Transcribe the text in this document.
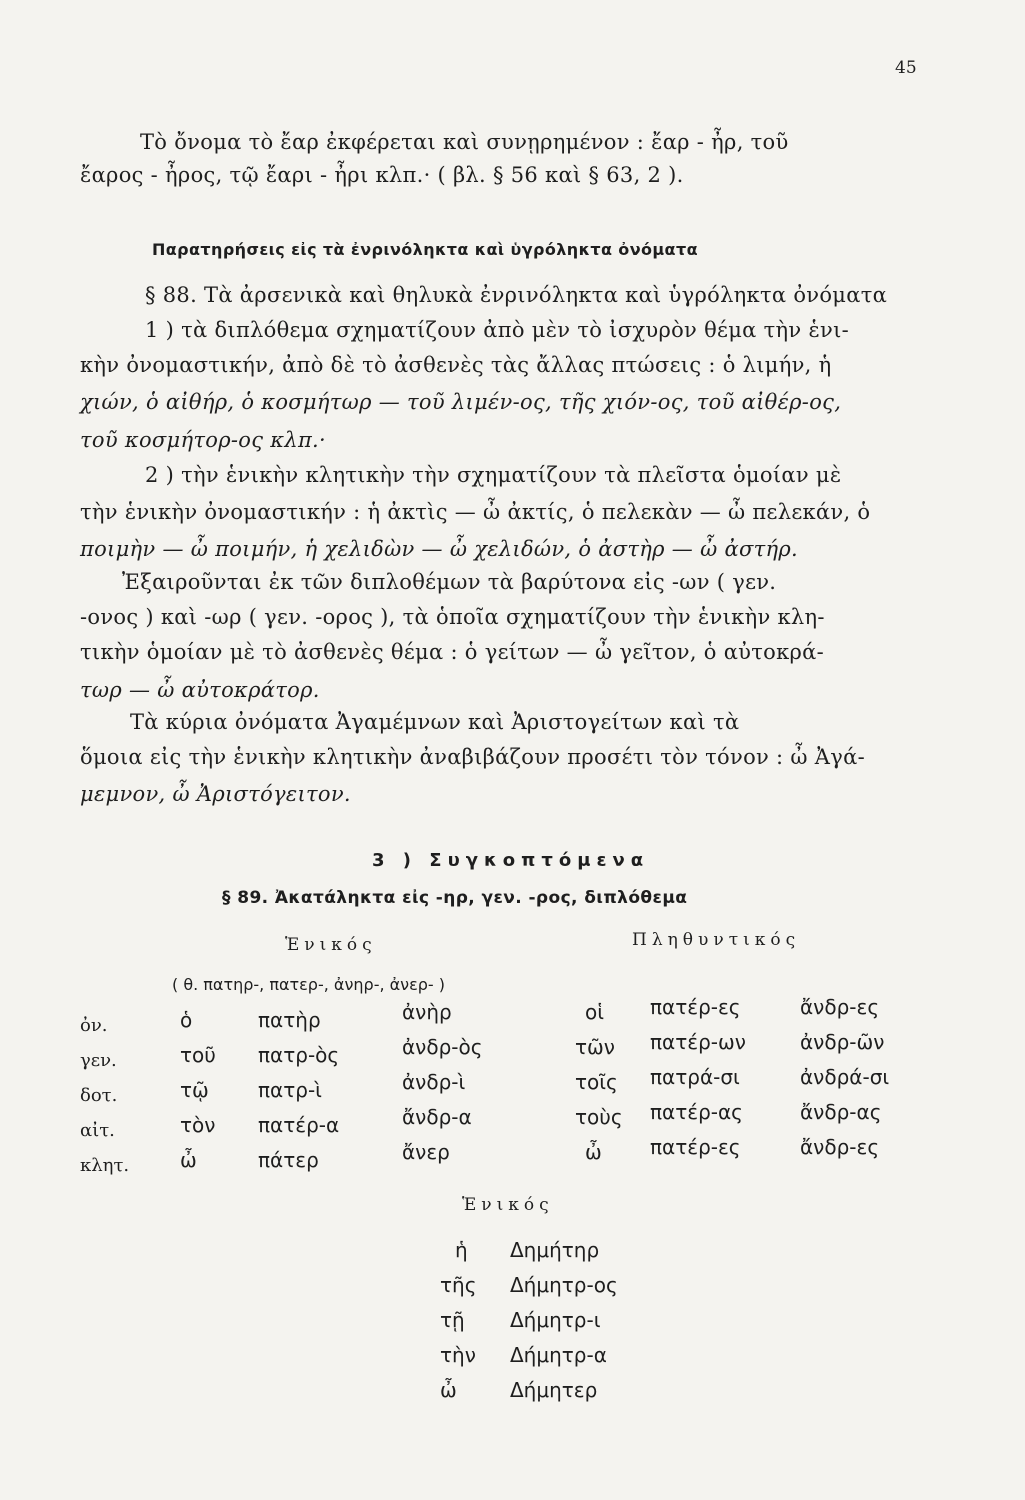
45
Τὸ ὄνομα τὸ ἔαρ ἐκφέρεται καὶ συνῃρημένον : ἔαρ - ἦρ, τοῦ
ἔαρος - ἦρος, τῷ ἔαρι - ἦρι κλπ.· ( βλ. § 56 καὶ § 63, 2 ).
Παρατηρήσεις εἰς τὰ ἐνρινόληκτα καὶ ὑγρόληκτα ὀνόματα
§ 88. Τὰ ἀρσενικὰ καὶ θηλυκὰ ἐνρινόληκτα καὶ ὑγρόληκτα ὀνόματα
1 ) τὰ διπλόθεμα σχηματίζουν ἀπὸ μὲν τὸ ἰσχυρὸν θέμα τὴν ἑνι-
κὴν ὀνομαστικήν, ἀπὸ δὲ τὸ ἀσθενὲς τὰς ἄλλας πτώσεις : ὁ λιμήν, ἡ
χιών, ὁ αἰθήρ, ὁ κοσμήτωρ — τοῦ λιμέν-ος, τῆς χιόν-ος, τοῦ αἰθέρ-ος,
τοῦ κοσμήτορ-ος κλπ.·
2 ) τὴν ἑνικὴν κλητικὴν τὴν σχηματίζουν τὰ πλεῖστα ὁμοίαν μὲ
τὴν ἑνικὴν ὀνομαστικήν : ἡ ἀκτὶς — ὦ ἀκτίς, ὁ πελεκὰν — ὦ πελεκάν, ὁ
ποιμὴν — ὦ ποιμήν, ἡ χελιδὼν — ὦ χελιδών, ὁ ἀστὴρ — ὦ ἀστήρ.
Ἐξαιροῦνται ἐκ τῶν διπλοθέμων τὰ βαρύτονα εἰς -ων ( γεν.
-ονος ) καὶ -ωρ ( γεν. -ορος ), τὰ ὁποῖα σχηματίζουν τὴν ἑνικὴν κλη-
τικὴν ὁμοίαν μὲ τὸ ἀσθενὲς θέμα : ὁ γείτων — ὦ γεῖτον, ὁ αὐτοκρά-
τωρ — ὦ αὐτοκράτορ.
Τὰ κύρια ὀνόματα Ἀγαμέμνων καὶ Ἀριστογείτων καὶ τὰ
ὅμοια εἰς τὴν ἑνικὴν κλητικὴν ἀναβιβάζουν προσέτι τὸν τόνον : ὦ Ἀγά-
μεμνον, ὦ Ἀριστόγειτον.
3 ) Συγκοπτόμενα
§ 89. Ἀκατάληκτα εἰς -ηρ, γεν. -ρος, διπλόθεμα
Ἑνικός	Πληθυντικός
( θ. πατηρ-, πατερ-, ἀνηρ-, ἀνερ- )
ὀν.
γεν.
δοτ.
αἰτ.
κλητ.
ὁ
τοῦ
τῷ
τὸν
ὦ
πατὴρ
πατρ-ὸς
πατρ-ὶ
πατέρ-α
πάτερ
ἀνὴρ
ἀνδρ-ὸς
ἀνδρ-ὶ
ἄνδρ-α
ἄνερ
οἱ
τῶν
τοῖς
τοὺς
ὦ
πατέρ-ες
πατέρ-ων
πατρά-σι
πατέρ-ας
πατέρ-ες
ἄνδρ-ες
ἀνδρ-ῶν
ἀνδρά-σι
ἄνδρ-ας
ἄνδρ-ες
Ἑνικός
ἡ
τῆς
τῇ
τὴν
ὦ
Δημήτηρ
Δήμητρ-ος
Δήμητρ-ι
Δήμητρ-α
Δήμητερ
